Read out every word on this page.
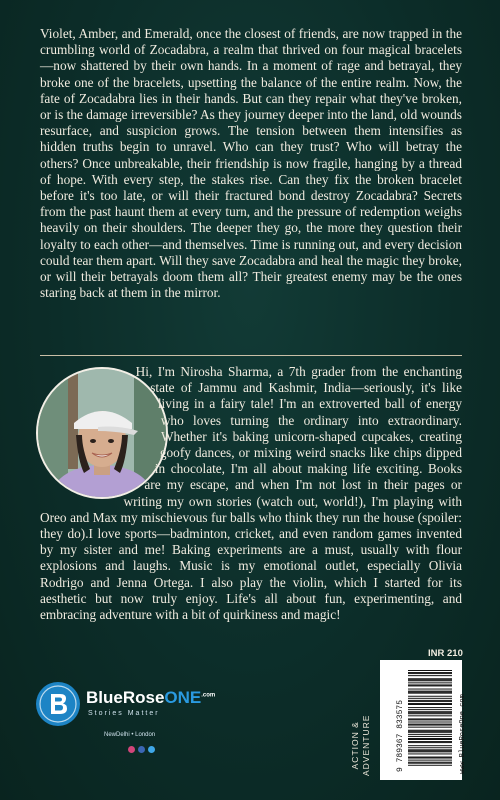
Violet, Amber, and Emerald, once the closest of friends, are now trapped in the crumbling world of Zocadabra, a realm that thrived on four magical bracelets—now shattered by their own hands. In a moment of rage and betrayal, they broke one of the bracelets, upsetting the balance of the entire realm. Now, the fate of Zocadabra lies in their hands. But can they repair what they've broken, or is the damage irreversible? As they journey deeper into the land, old wounds resurface, and suspicion grows. The tension between them intensifies as hidden truths begin to unravel. Who can they trust? Who will betray the others? Once unbreakable, their friendship is now fragile, hanging by a thread of hope. With every step, the stakes rise. Can they fix the broken bracelet before it's too late, or will their fractured bond destroy Zocadabra? Secrets from the past haunt them at every turn, and the pressure of redemption weighs heavily on their shoulders. The deeper they go, the more they question their loyalty to each other—and themselves. Time is running out, and every decision could tear them apart. Will they save Zocadabra and heal the magic they broke, or will their betrayals doom them all? Their greatest enemy may be the ones staring back at them in the mirror.

Hi, I'm Nirosha Sharma, a 7th grader from the enchanting state of Jammu and Kashmir, India—seriously, it's like living in a fairy tale! I'm an extroverted ball of energy who loves turning the ordinary into extraordinary. Whether it's baking unicorn-shaped cupcakes, creating goofy dances, or mixing weird snacks like chips dipped in chocolate, I'm all about making life exciting. Books are my escape, and when I'm not lost in their pages or writing my own stories (watch out, world!), I'm playing with Oreo and Max my mischievous fur balls who think they run the house (spoiler: they do).I love sports—badminton, cricket, and even random games invented by my sister and me! Baking experiments are a must, usually with flour explosions and laughs. Music is my emotional outlet, especially Olivia Rodrigo and Jenna Ortega. I also play the violin, which I started for its aesthetic but now truly enjoy. Life's all about fun, experimenting, and embracing adventure with a bit of quirkiness and magic!

INR 210
ACTION &
ADVENTURE	9 789367 833575	www.BlueRoseOne.com
BlueRoseONE$^{.com}$
Stories Matter
NewDelhi • London
